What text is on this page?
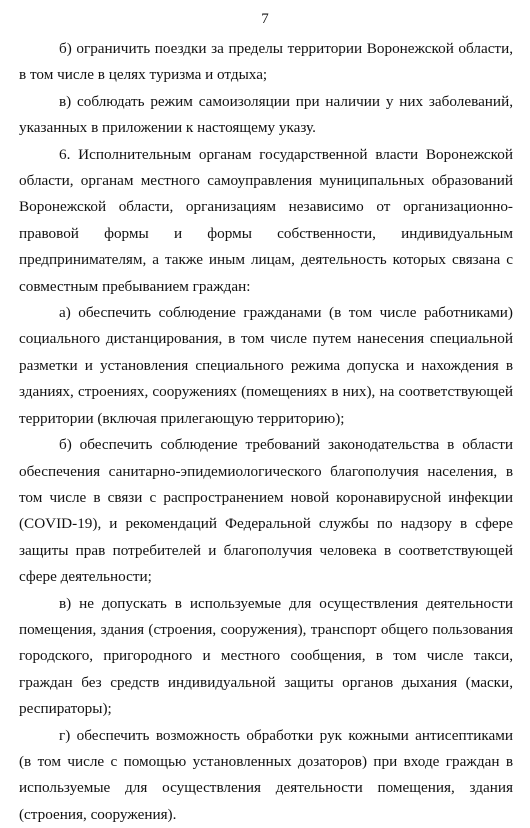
7

б) ограничить поездки за пределы территории Воронежской области, в том числе в целях туризма и отдыха;

в) соблюдать режим самоизоляции при наличии у них заболеваний, указанных в приложении к настоящему указу.

6. Исполнительным органам государственной власти Воронежской области, органам местного самоуправления муниципальных образований Воронежской области, организациям независимо от организационно-правовой формы и формы собственности, индивидуальным предпринимателям, а также иным лицам, деятельность которых связана с совместным пребыванием граждан:

а) обеспечить соблюдение гражданами (в том числе работниками) социального дистанцирования, в том числе путем нанесения специальной разметки и установления специального режима допуска и нахождения в зданиях, строениях, сооружениях (помещениях в них), на соответствующей территории (включая прилегающую территорию);

б) обеспечить соблюдение требований законодательства в области обеспечения санитарно-эпидемиологического благополучия населения, в том числе в связи с распространением новой коронавирусной инфекции (COVID-19), и рекомендаций Федеральной службы по надзору в сфере защиты прав потребителей и благополучия человека в соответствующей сфере деятельности;

в) не допускать в используемые для осуществления деятельности помещения, здания (строения, сооружения), транспорт общего пользования городского, пригородного и местного сообщения, в том числе такси, граждан без средств индивидуальной защиты органов дыхания (маски, респираторы);

г) обеспечить возможность обработки рук кожными антисептиками (в том числе с помощью установленных дозаторов) при входе граждан в используемые для осуществления деятельности помещения, здания (строения, сооружения).
